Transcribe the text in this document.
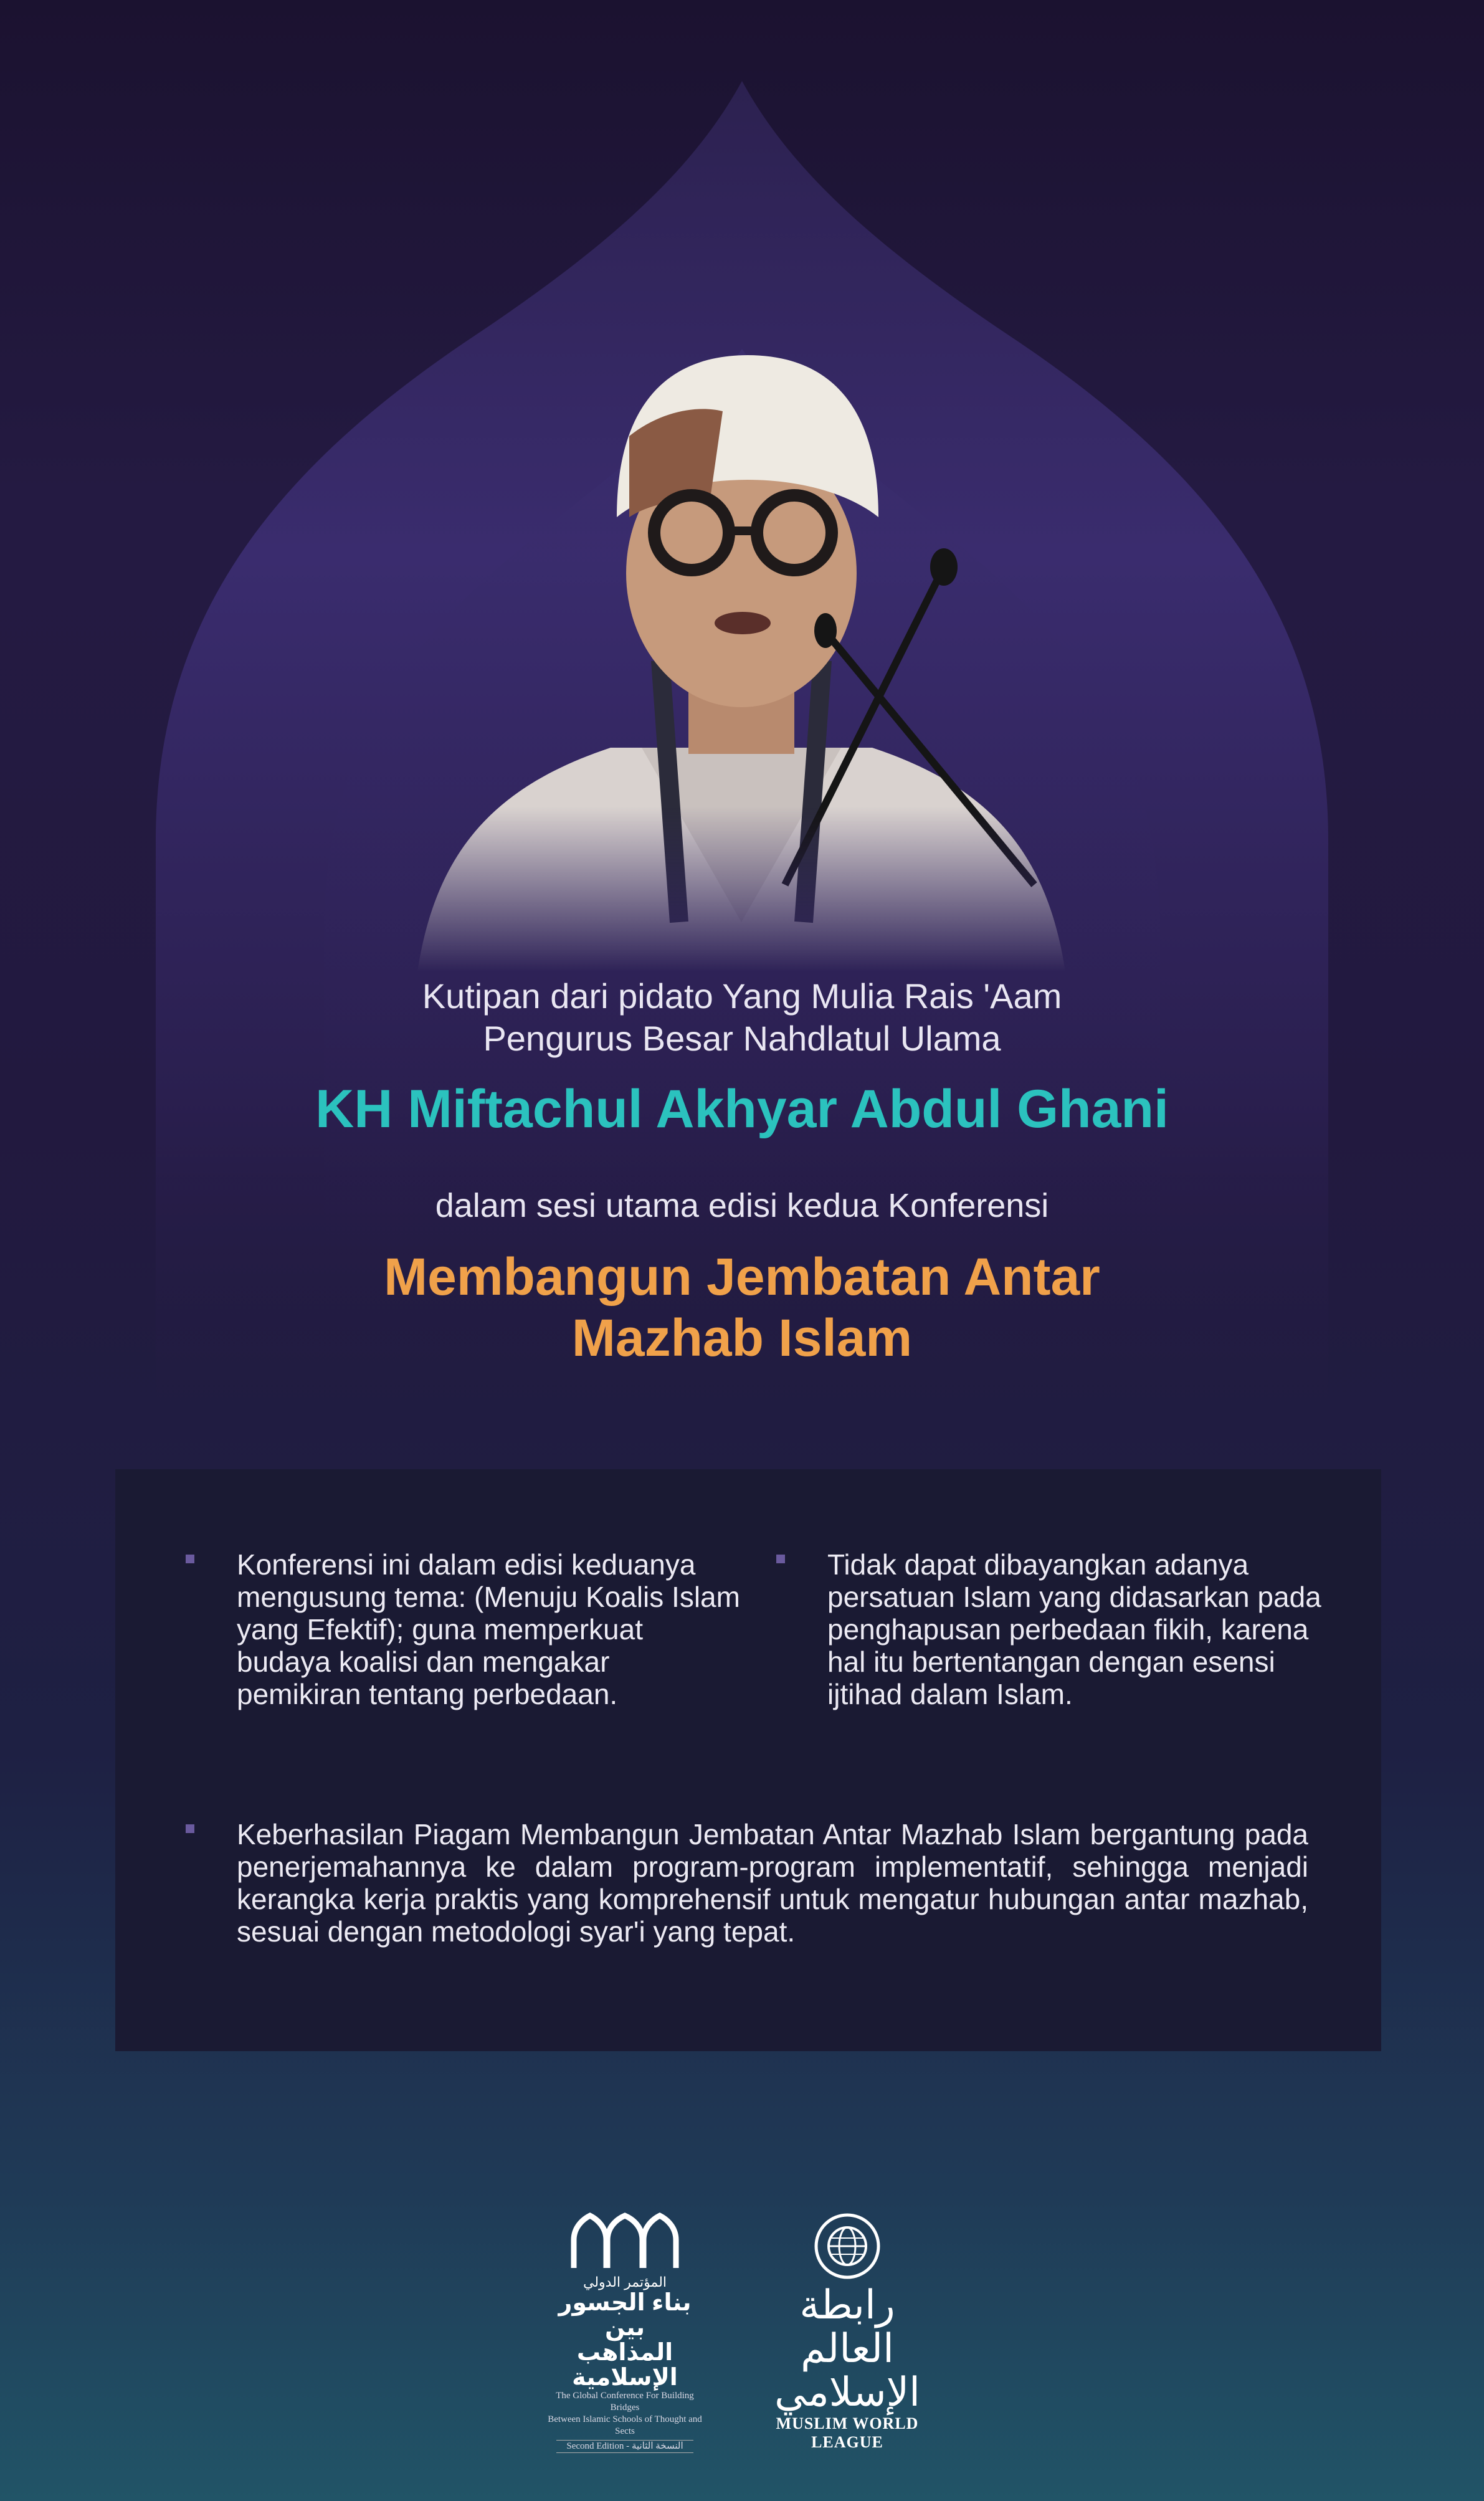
Kutipan dari pidato Yang Mulia Rais 'Aam
Pengurus Besar Nahdlatul Ulama
KH Miftachul Akhyar Abdul Ghani
dalam sesi utama edisi kedua Konferensi
Membangun Jembatan Antar
Mazhab Islam
Konferensi ini dalam edisi keduanya mengusung tema: (Menuju Koalis Islam yang Efektif); guna memperkuat budaya koalisi dan mengakar pemikiran tentang perbedaan.
Tidak dapat dibayangkan adanya persatuan Islam yang didasarkan pada penghapusan perbedaan fikih, karena hal itu bertentangan dengan esensi ijtihad dalam Islam.
Keberhasilan Piagam Membangun Jembatan Antar Mazhab Islam bergantung pada penerjemahannya ke dalam program-program implementatif, sehingga menjadi kerangka kerja praktis yang komprehensif untuk mengatur hubungan antar mazhab, sesuai dengan metodologi syar'i yang tepat.
المؤتمر الدولي
بناء الجسور بين
المذاهب الإسلامية
The Global Conference For Building Bridges
Between Islamic Schools of Thought and Sects
Second Edition - النسخة الثانية
رابطة العالم الإسلامي
MUSLIM WORLD LEAGUE
